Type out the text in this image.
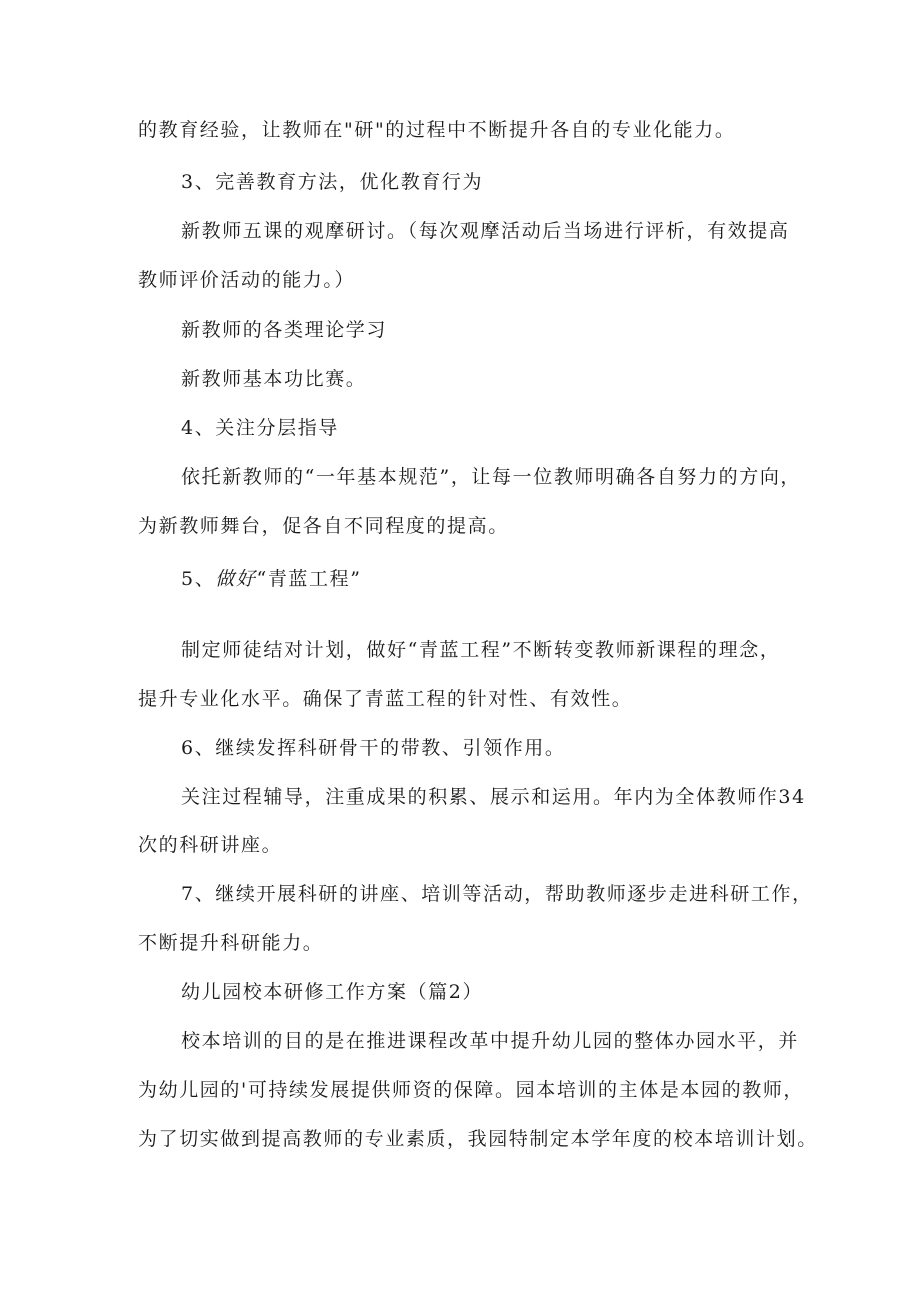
的教育经验，让教师在"研"的过程中不断提升各自的专业化能力。
3、完善教育方法，优化教育行为
新教师五课的观摩研讨。（每次观摩活动后当场进行评析，有效提高
教师评价活动的能力。）
新教师的各类理论学习
新教师基本功比赛。
4、关注分层指导
依托新教师的“一年基本规范”，让每一位教师明确各自努力的方向，
为新教师舞台，促各自不同程度的提高。
5、做好“青蓝工程”
制定师徒结对计划，做好“青蓝工程”不断转变教师新课程的理念，
提升专业化水平。确保了青蓝工程的针对性、有效性。
6、继续发挥科研骨干的带教、引领作用。
关注过程辅导，注重成果的积累、展示和运用。年内为全体教师作34
次的科研讲座。
7、继续开展科研的讲座、培训等活动，帮助教师逐步走进科研工作，
不断提升科研能力。
幼儿园校本研修工作方案（篇2）
校本培训的目的是在推进课程改革中提升幼儿园的整体办园水平，并
为幼儿园的'可持续发展提供师资的保障。园本培训的主体是本园的教师，
为了切实做到提高教师的专业素质，我园特制定本学年度的校本培训计划。
